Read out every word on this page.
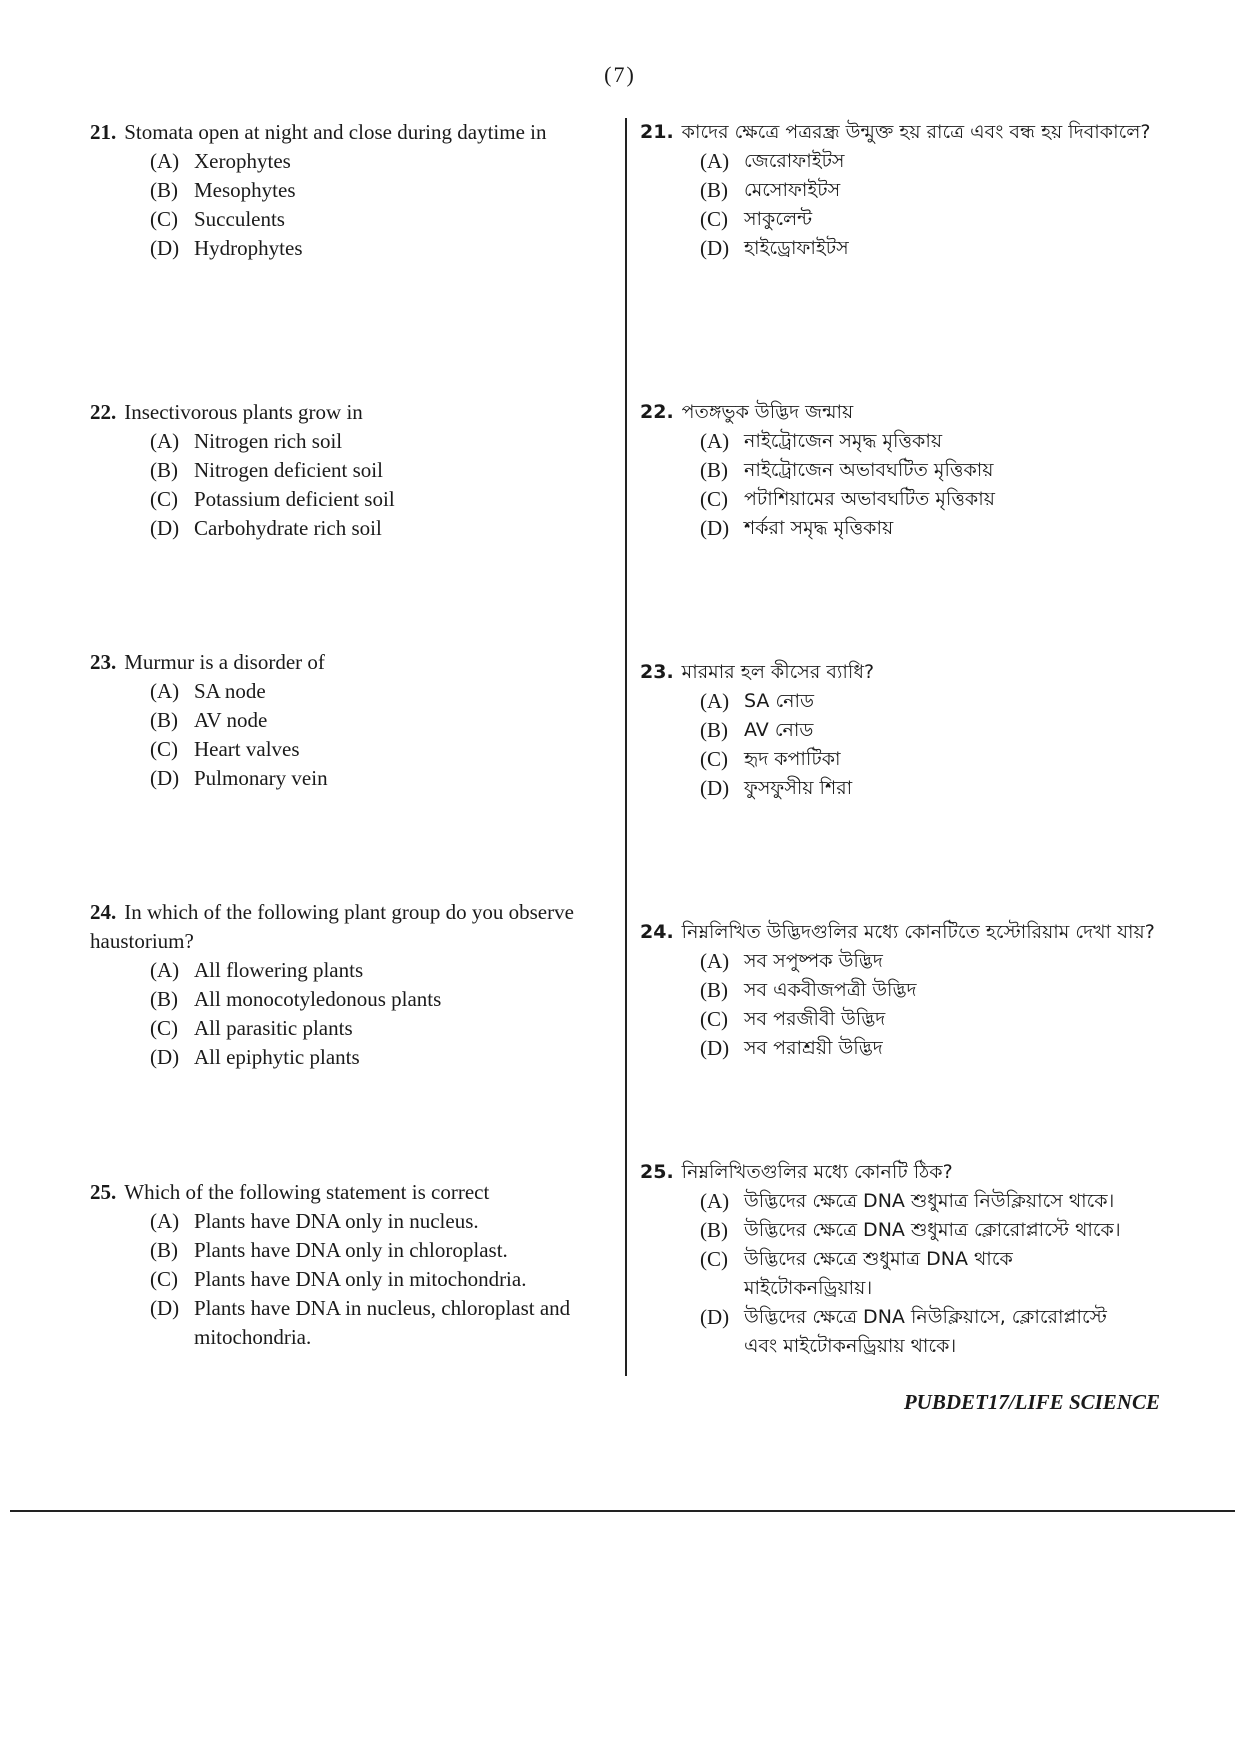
(7)
21. Stomata open at night and close during daytime in
(A) Xerophytes
(B) Mesophytes
(C) Succulents
(D) Hydrophytes
22. Insectivorous plants grow in
(A) Nitrogen rich soil
(B) Nitrogen deficient soil
(C) Potassium deficient soil
(D) Carbohydrate rich soil
23. Murmur is a disorder of
(A) SA node
(B) AV node
(C) Heart valves
(D) Pulmonary vein
24. In which of the following plant group do you observe haustorium?
(A) All flowering plants
(B) All monocotyledonous plants
(C) All parasitic plants
(D) All epiphytic plants
25. Which of the following statement is correct
(A) Plants have DNA only in nucleus.
(B) Plants have DNA only in chloroplast.
(C) Plants have DNA only in mitochondria.
(D) Plants have DNA in nucleus, chloroplast and mitochondria.
21. কাদের ক্ষেত্রে পত্ররন্ধ্র উন্মুক্ত হয় রাত্রে এবং বন্ধ হয় দিবাকালে?
(A) জেরোফাইটস
(B) মেসোফাইটস
(C) সাকুলেন্ট
(D) হাইড্রোফাইটস
22. পতঙ্গভুক উদ্ভিদ জন্মায়
(A) নাইট্রোজেন সমৃদ্ধ মৃত্তিকায়
(B) নাইট্রোজেন অভাবঘটিত মৃত্তিকায়
(C) পটাশিয়ামের অভাবঘটিত মৃত্তিকায়
(D) শর্করা সমৃদ্ধ মৃত্তিকায়
23. মারমার হল কীসের ব্যাধি?
(A) SA নোড
(B) AV নোড
(C) হৃদ কপাটিকা
(D) ফুসফুসীয় শিরা
24. নিম্নলিখিত উদ্ভিদগুলির মধ্যে কোনটিতে হস্টোরিয়াম দেখা যায়?
(A) সব সপুষ্পক উদ্ভিদ
(B) সব একবীজপত্রী উদ্ভিদ
(C) সব পরজীবী উদ্ভিদ
(D) সব পরাশ্রয়ী উদ্ভিদ
25. নিম্নলিখিতগুলির মধ্যে কোনটি ঠিক?
(A) উদ্ভিদের ক্ষেত্রে DNA শুধুমাত্র নিউক্লিয়াসে থাকে।
(B) উদ্ভিদের ক্ষেত্রে DNA শুধুমাত্র ক্লোরোপ্লাস্টে থাকে।
(C) উদ্ভিদের ক্ষেত্রে শুধুমাত্র DNA থাকে মাইটোকনড্রিয়ায়।
(D) উদ্ভিদের ক্ষেত্রে DNA নিউক্লিয়াসে, ক্লোরোপ্লাস্টে এবং মাইটোকনড্রিয়ায় থাকে।
PUBDET17/LIFE SCIENCE
